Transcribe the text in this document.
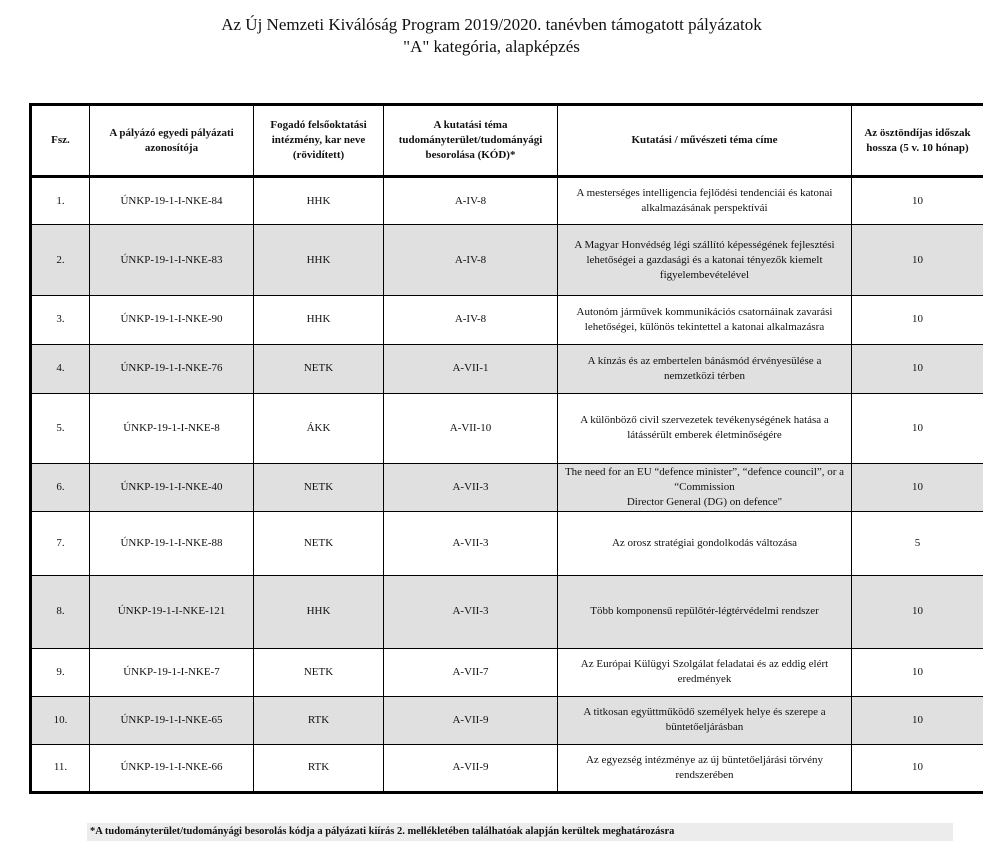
Az Új Nemzeti Kiválóság Program 2019/2020. tanévben támogatott pályázatok
"A" kategória, alapképzés
Fsz.	A pályázó egyedi pályázati azonosítója	Fogadó felsőoktatási intézmény, kar neve (rövidített)	A kutatási téma tudományterület/tudományági besorolása (KÓD)*	Kutatási / művészeti téma címe	Az ösztöndíjas időszak hossza (5 v. 10 hónap)
1.	ÚNKP-19-1-I-NKE-84	HHK	A-IV-8	A mesterséges intelligencia fejlődési tendenciái és katonai alkalmazásának perspektívái	10
2.	ÚNKP-19-1-I-NKE-83	HHK	A-IV-8	A Magyar Honvédség légi szállító képességének fejlesztési lehetőségei a gazdasági és a katonai tényezők kiemelt figyelembevételével	10
3.	ÚNKP-19-1-I-NKE-90	HHK	A-IV-8	Autonóm járművek kommunikációs csatornáinak zavarási lehetőségei, különös tekintettel a katonai alkalmazásra	10
4.	ÚNKP-19-1-I-NKE-76	NETK	A-VII-1	A kínzás és az embertelen bánásmód érvényesülése a nemzetközi térben	10
5.	ÚNKP-19-1-I-NKE-8	ÁKK	A-VII-10	A különböző civil szervezetek tevékenységének hatása a látássérült emberek életminőségére	10
6.	ÚNKP-19-1-I-NKE-40	NETK	A-VII-3	The need for an EU “defence minister”, “defence council”, or a “Commission
Director General (DG) on defence"	10
7.	ÚNKP-19-1-I-NKE-88	NETK	A-VII-3	Az orosz stratégiai gondolkodás változása	5
8.	ÚNKP-19-1-I-NKE-121	HHK	A-VII-3	Több komponensű repülőtér-légtérvédelmi rendszer	10
9.	ÚNKP-19-1-I-NKE-7	NETK	A-VII-7	Az Európai Külügyi Szolgálat feladatai és az eddig elért eredmények	10
10.	ÚNKP-19-1-I-NKE-65	RTK	A-VII-9	A titkosan együttműködő személyek helye és szerepe a büntetőeljárásban	10
11.	ÚNKP-19-1-I-NKE-66	RTK	A-VII-9	Az egyezség intézménye az új büntetőeljárási törvény rendszerében	10
*A tudományterület/tudományági besorolás kódja a pályázati kiírás 2. mellékletében találhatóak alapján kerültek meghatározásra
